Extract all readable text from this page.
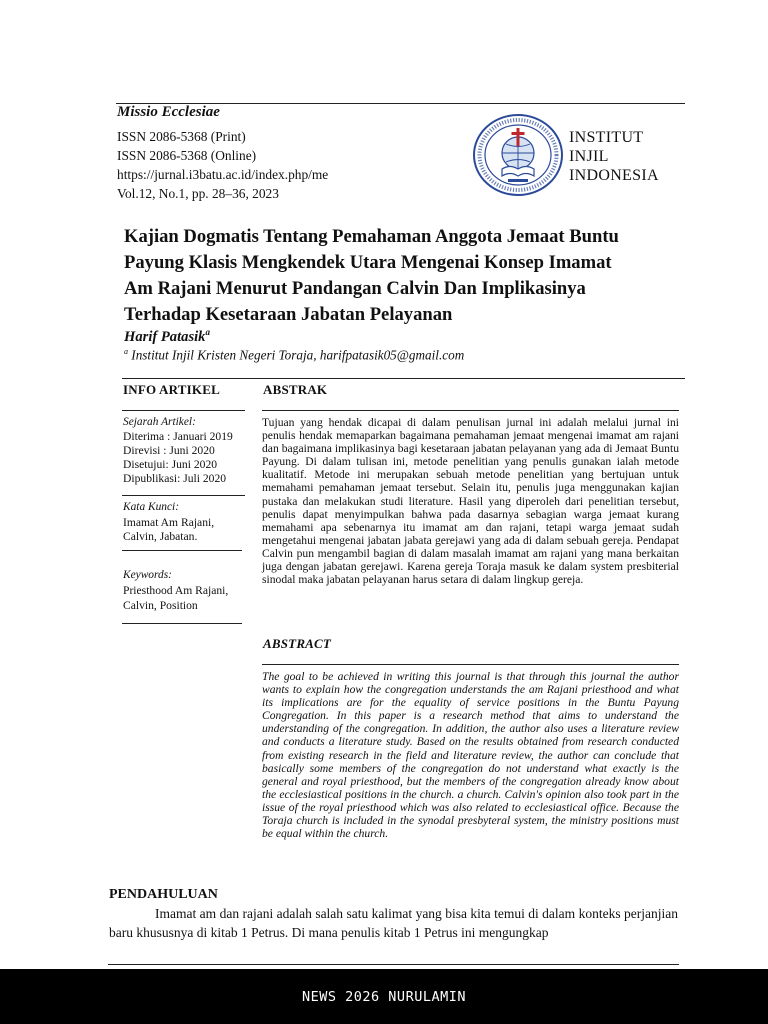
Missio Ecclesiae
ISSN 2086-5368 (Print)
ISSN 2086-5368 (Online)
https://jurnal.i3batu.ac.id/index.php/me
Vol.12, No.1, pp. 28–36, 2023
INSTITUT
INJIL
INDONESIA
Kajian Dogmatis Tentang Pemahaman Anggota Jemaat Buntu
Payung Klasis Mengkendek Utara Mengenai Konsep Imamat
Am Rajani Menurut Pandangan Calvin Dan Implikasinya
Terhadap Kesetaraan Jabatan Pelayanan
Harif Patasik$^a$
$^a$ Institut Injil Kristen Negeri Toraja, harifpatasik05@gmail.com
INFO ARTIKEL	ABSTRAK
Sejarah Artikel:
Diterima : Januari 2019
Direvisi : Juni 2020
Disetujui: Juni 2020
Dipublikasi: Juli 2020
Kata Kunci:
Imamat Am Rajani,
Calvin, Jabatan.
Keywords:
Priesthood Am Rajani,
Calvin, Position
Tujuan yang hendak dicapai di dalam penulisan jurnal ini adalah melalui jurnal ini penulis hendak memaparkan bagaimana pemahaman jemaat mengenai imamat am rajani dan bagaimana implikasinya bagi kesetaraan jabatan pelayanan yang ada di Jemaat Buntu Payung. Di dalam tulisan ini, metode penelitian yang penulis gunakan ialah metode kualitatif. Metode ini merupakan sebuah metode penelitian yang bertujuan untuk memahami pemahaman jemaat tersebut. Selain itu, penulis juga menggunakan kajian pustaka dan melakukan studi literature. Hasil yang diperoleh dari penelitian tersebut, penulis dapat menyimpulkan bahwa pada dasarnya sebagian warga jemaat kurang memahami apa sebenarnya itu imamat am dan rajani, tetapi warga jemaat sudah mengetahui mengenai jabatan jabata gerejawi yang ada di dalam sebuah gereja. Pendapat Calvin pun mengambil bagian di dalam masalah imamat am rajani yang mana berkaitan juga dengan jabatan gerejawi. Karena gereja Toraja masuk ke dalam system presbiterial sinodal maka jabatan pelayanan harus setara di dalam lingkup gereja.
ABSTRACT
The goal to be achieved in writing this journal is that through this journal the author wants to explain how the congregation understands the am Rajani priesthood and what its implications are for the equality of service positions in the Buntu Payung Congregation. In this paper is a research method that aims to understand the understanding of the congregation. In addition, the author also uses a literature review and conducts a literature study. Based on the results obtained from research conducted from existing research in the field and literature review, the author can conclude that basically some members of the congregation do not understand what exactly is the general and royal priesthood, but the members of the congregation already know about the ecclesiastical positions in the church. a church. Calvin's opinion also took part in the issue of the royal priesthood which was also related to ecclesiastical office. Because the Toraja church is included in the synodal presbyteral system, the ministry positions must be equal within the church.
PENDAHULUAN

Imamat am dan rajani adalah salah satu kalimat yang bisa kita temui di dalam konteks perjanjian baru khususnya di kitab 1 Petrus. Di mana penulis kitab 1 Petrus ini mengungkap

NEWS 2026 NURULAMIN
